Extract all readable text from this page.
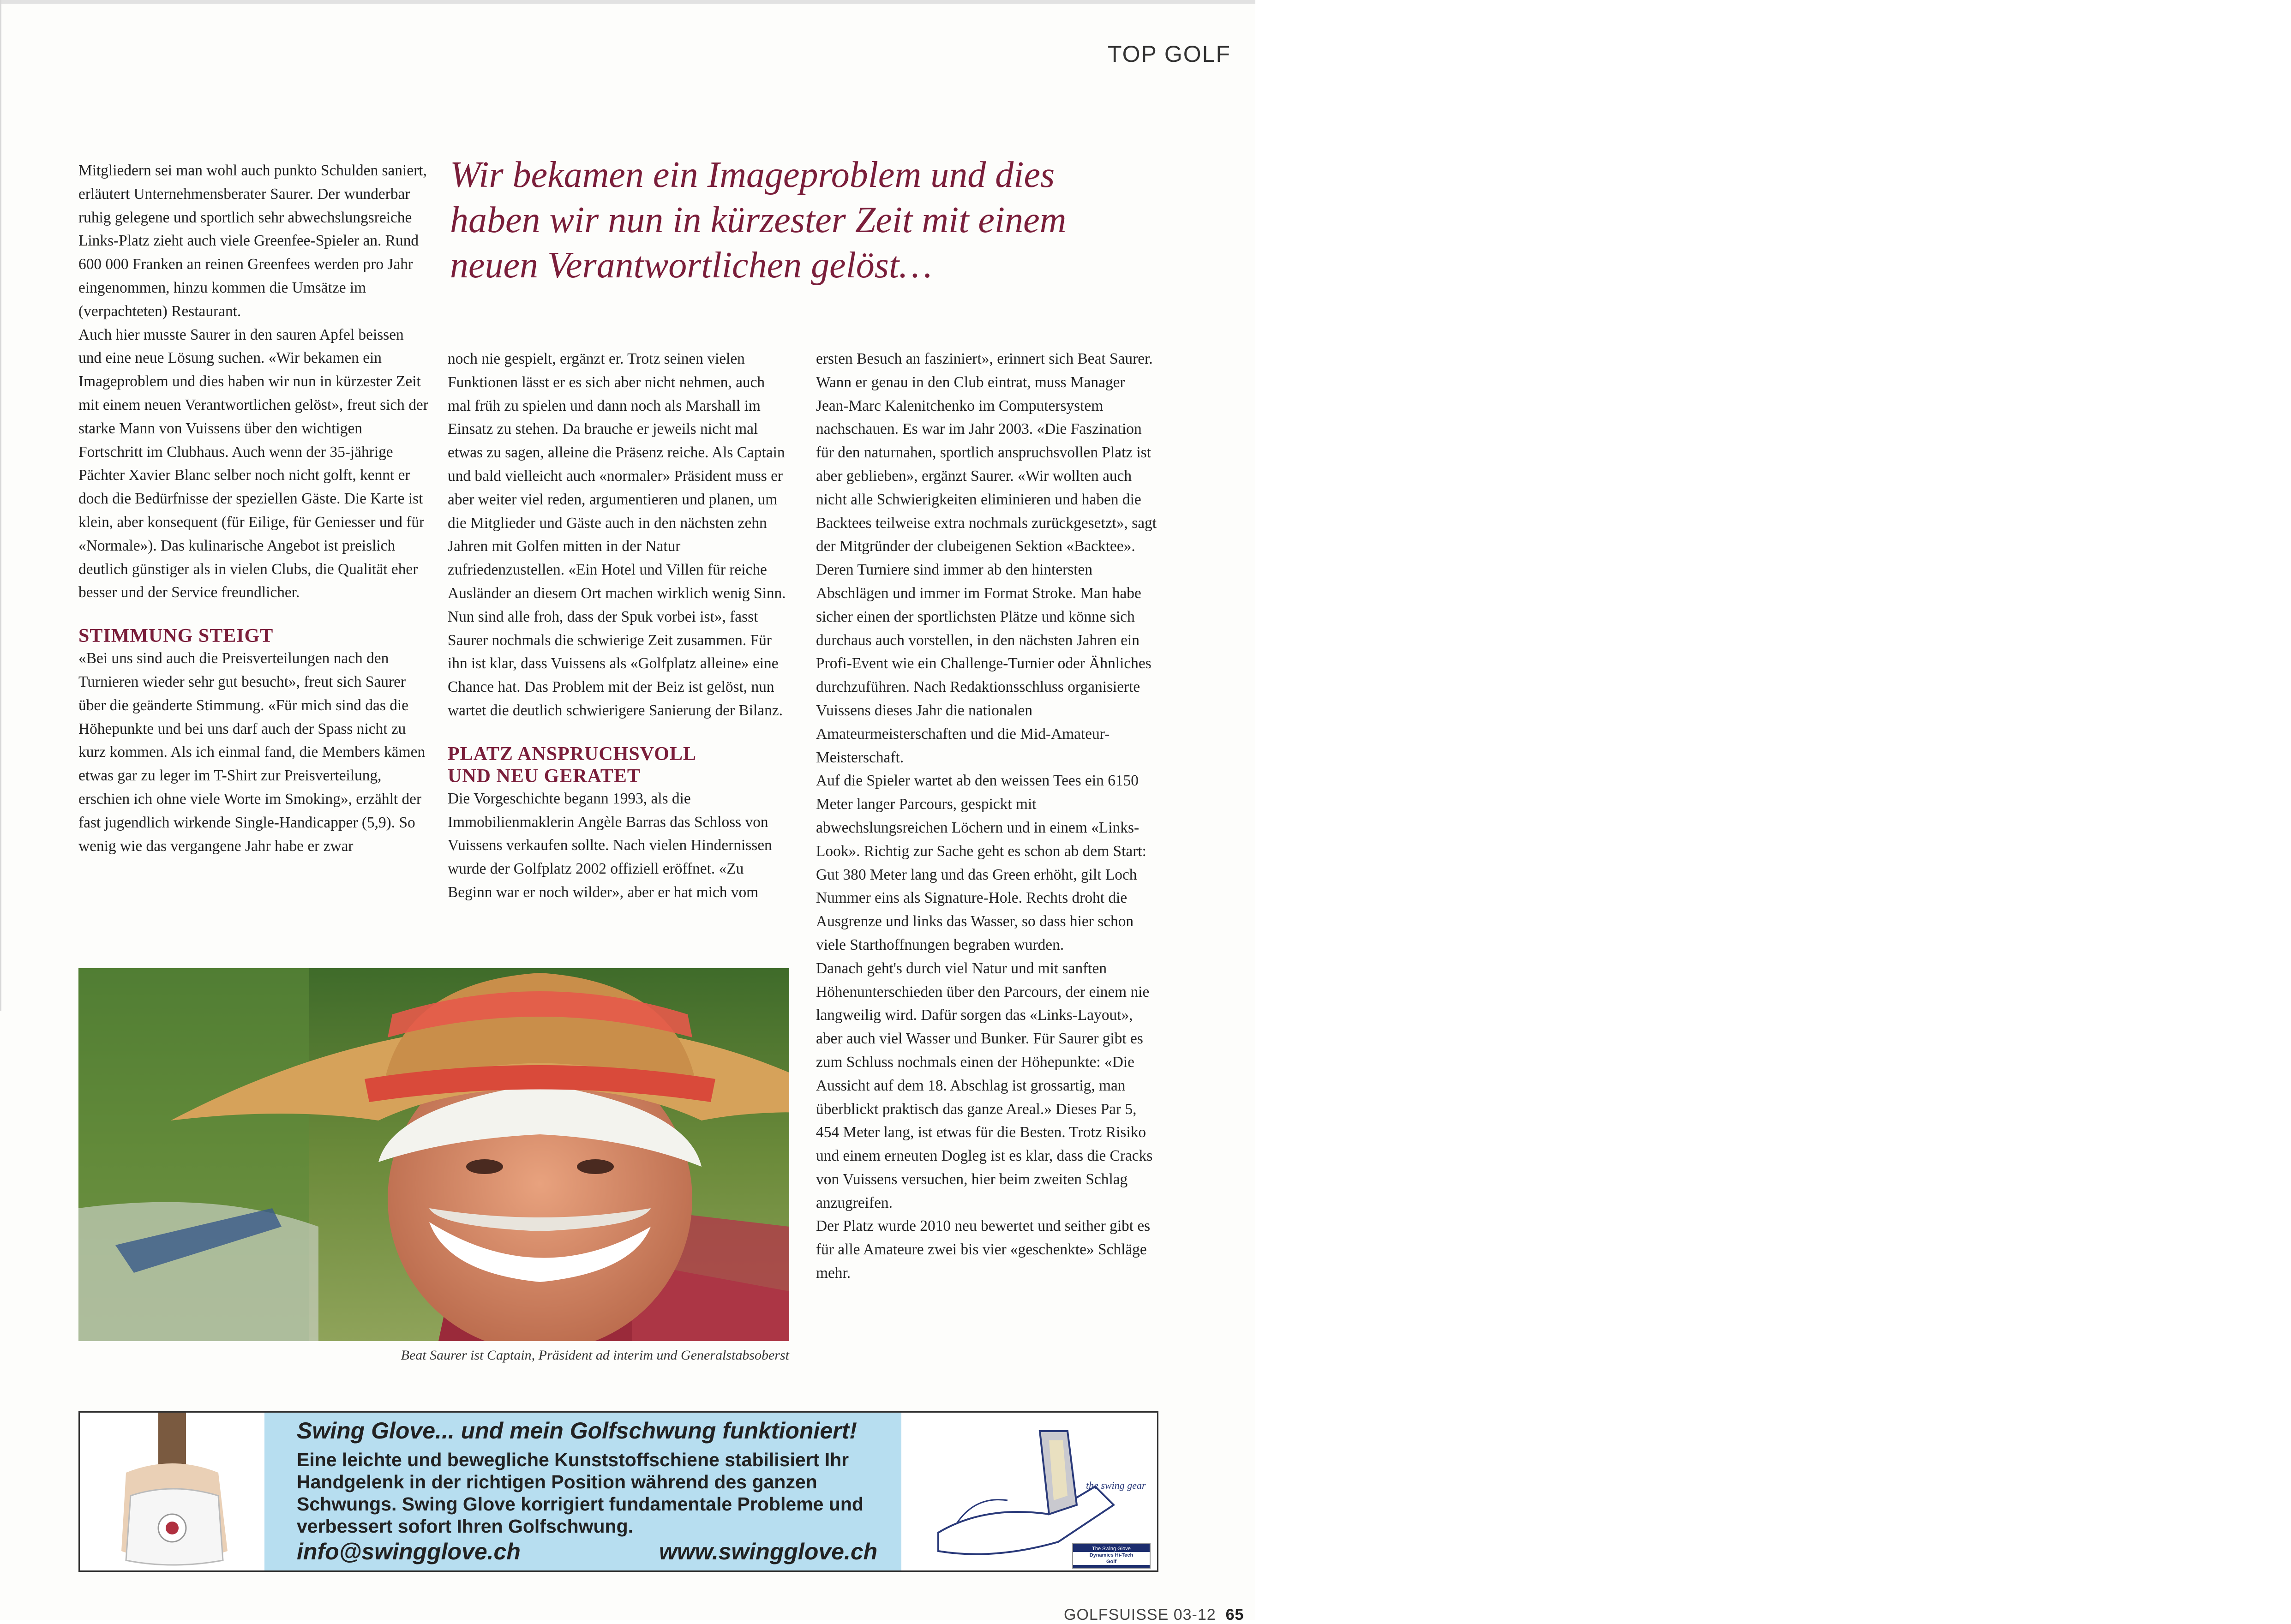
TOP GOLF
Wir bekamen ein Imageproblem und dies haben wir nun in kürzester Zeit mit einem neuen Verantwortlichen gelöst…

Mitgliedern sei man wohl auch punkto Schulden saniert, erläutert Unternehmensberater Saurer. Der wunderbar ruhig gelegene und sportlich sehr abwechslungsreiche Links-Platz zieht auch viele Greenfee-Spieler an. Rund 600 000 Franken an reinen Greenfees werden pro Jahr eingenommen, hinzu kommen die Umsätze im (verpachteten) Restaurant.

Auch hier musste Saurer in den sauren Apfel beissen und eine neue Lösung suchen. «Wir bekamen ein Imageproblem und dies haben wir nun in kürzester Zeit mit einem neuen Verantwortlichen gelöst», freut sich der starke Mann von Vuissens über den wichtigen Fortschritt im Clubhaus. Auch wenn der 35-jährige Pächter Xavier Blanc selber noch nicht golft, kennt er doch die Bedürfnisse der speziellen Gäste. Die Karte ist klein, aber konsequent (für Eilige, für Geniesser und für «Normale»). Das kulinarische Angebot ist preislich deutlich günstiger als in vielen Clubs, die Qualität eher besser und der Service freundlicher.

STIMMUNG STEIGT

«Bei uns sind auch die Preisverteilungen nach den Turnieren wieder sehr gut besucht», freut sich Saurer über die geänderte Stimmung. «Für mich sind das die Höhepunkte und bei uns darf auch der Spass nicht zu kurz kommen. Als ich einmal fand, die Members kämen etwas gar zu leger im T-Shirt zur Preisverteilung, erschien ich ohne viele Worte im Smoking», erzählt der fast jugendlich wirkende Single-Handicapper (5,9). So wenig wie das vergangene Jahr habe er zwar

noch nie gespielt, ergänzt er. Trotz seinen vielen Funktionen lässt er es sich aber nicht nehmen, auch mal früh zu spielen und dann noch als Marshall im Einsatz zu stehen. Da brauche er jeweils nicht mal etwas zu sagen, alleine die Präsenz reiche. Als Captain und bald vielleicht auch «normaler» Präsident muss er aber weiter viel reden, argumentieren und planen, um die Mitglieder und Gäste auch in den nächsten zehn Jahren mit Golfen mitten in der Natur zufriedenzustellen. «Ein Hotel und Villen für reiche Ausländer an diesem Ort machen wirklich wenig Sinn. Nun sind alle froh, dass der Spuk vorbei ist», fasst Saurer nochmals die schwierige Zeit zusammen. Für ihn ist klar, dass Vuissens als «Golfplatz alleine» eine Chance hat. Das Problem mit der Beiz ist gelöst, nun wartet die deutlich schwierigere Sanierung der Bilanz.

PLATZ ANSPRUCHSVOLL
UND NEU GERATET

Die Vorgeschichte begann 1993, als die Immobilienmaklerin Angèle Barras das Schloss von Vuissens verkaufen sollte. Nach vielen Hindernissen wurde der Golfplatz 2002 offiziell eröffnet. «Zu Beginn war er noch wilder», aber er hat mich vom

ersten Besuch an fasziniert», erinnert sich Beat Saurer. Wann er genau in den Club eintrat, muss Manager Jean-Marc Kalenitchenko im Computersystem nachschauen. Es war im Jahr 2003. «Die Faszination für den naturnahen, sportlich anspruchsvollen Platz ist aber geblieben», ergänzt Saurer. «Wir wollten auch nicht alle Schwierigkeiten eliminieren und haben die Backtees teilweise extra nochmals zurückgesetzt», sagt der Mitgründer der clubeigenen Sektion «Backtee». Deren Turniere sind immer ab den hintersten Abschlägen und immer im Format Stroke. Man habe sicher einen der sportlichsten Plätze und könne sich durchaus auch vorstellen, in den nächsten Jahren ein Profi-Event wie ein Challenge-Turnier oder Ähnliches durchzuführen. Nach Redaktionsschluss organisierte Vuissens dieses Jahr die nationalen Amateurmeisterschaften und die Mid-Amateur-Meisterschaft.

Auf die Spieler wartet ab den weissen Tees ein 6150 Meter langer Parcours, gespickt mit abwechslungsreichen Löchern und in einem «Links-Look». Richtig zur Sache geht es schon ab dem Start: Gut 380 Meter lang und das Green erhöht, gilt Loch Nummer eins als Signature-Hole. Rechts droht die Ausgrenze und links das Wasser, so dass hier schon viele Starthoffnungen begraben wurden.

Danach geht's durch viel Natur und mit sanften Höhenunterschieden über den Parcours, der einem nie langweilig wird. Dafür sorgen das «Links-Layout», aber auch viel Wasser und Bunker. Für Saurer gibt es zum Schluss nochmals einen der Höhepunkte: «Die Aussicht auf dem 18. Abschlag ist grossartig, man überblickt praktisch das ganze Areal.» Dieses Par 5, 454 Meter lang, ist etwas für die Besten. Trotz Risiko und einem erneuten Dogleg ist es klar, dass die Cracks von Vuissens versuchen, hier beim zweiten Schlag anzugreifen.

Der Platz wurde 2010 neu bewertet und seither gibt es für alle Amateure zwei bis vier «geschenkte» Schläge mehr.

Beat Saurer ist Captain, Präsident ad interim und Generalstabsoberst
Swing Glove... und mein Golfschwung funktioniert!
Eine leichte und bewegliche Kunststoffschiene stabilisiert Ihr Handgelenk in der richtigen Position während des ganzen Schwungs. Swing Glove korrigiert fundamentale Probleme und verbessert sofort Ihren Golfschwung.
info@swingglove.ch	www.swingglove.ch
the swing gear
The Swing Glove
Dynamics Hi-Tech
Golf
GOLFSUISSE 03-12 65
